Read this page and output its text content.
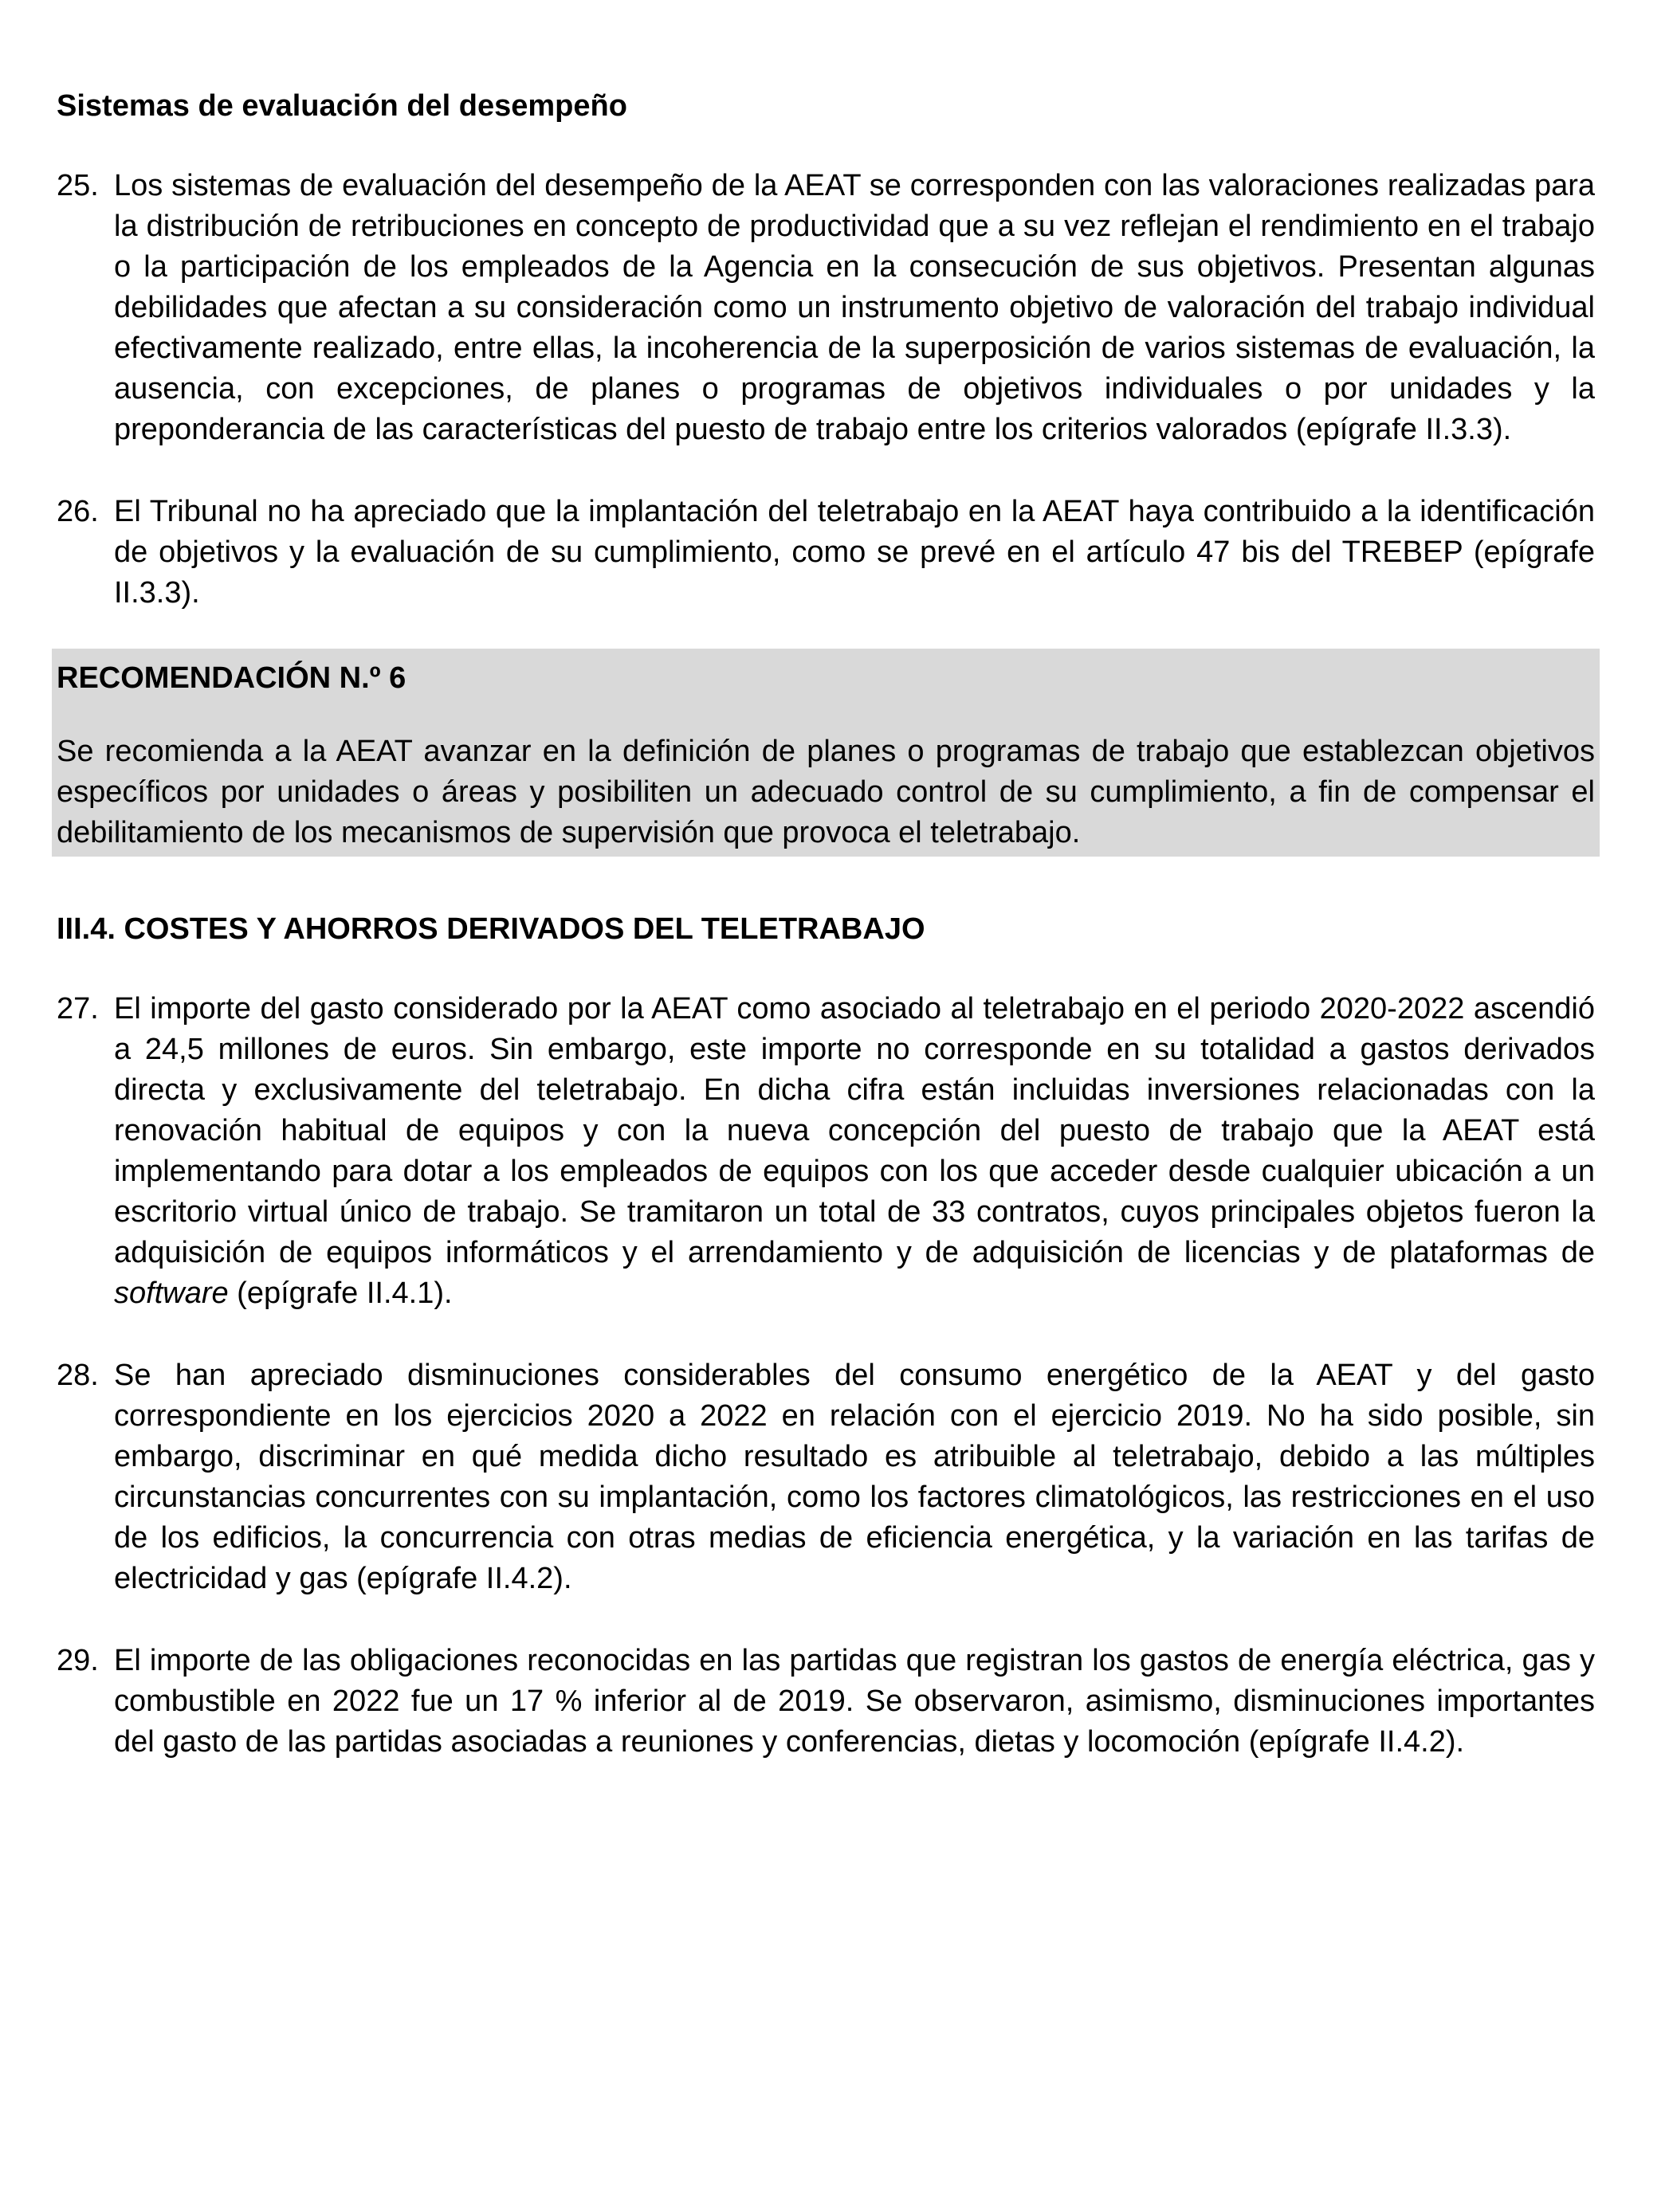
Sistemas de evaluación del desempeño
25. Los sistemas de evaluación del desempeño de la AEAT se corresponden con las valoraciones realizadas para la distribución de retribuciones en concepto de productividad que a su vez reflejan el rendimiento en el trabajo o la participación de los empleados de la Agencia en la consecución de sus objetivos. Presentan algunas debilidades que afectan a su consideración como un instrumento objetivo de valoración del trabajo individual efectivamente realizado, entre ellas, la incoherencia de la superposición de varios sistemas de evaluación, la ausencia, con excepciones, de planes o programas de objetivos individuales o por unidades y la preponderancia de las características del puesto de trabajo entre los criterios valorados (epígrafe II.3.3).
26. El Tribunal no ha apreciado que la implantación del teletrabajo en la AEAT haya contribuido a la identificación de objetivos y la evaluación de su cumplimiento, como se prevé en el artículo 47 bis del TREBEP (epígrafe II.3.3).
RECOMENDACIÓN N.º 6
Se recomienda a la AEAT avanzar en la definición de planes o programas de trabajo que establezcan objetivos específicos por unidades o áreas y posibiliten un adecuado control de su cumplimiento, a fin de compensar el debilitamiento de los mecanismos de supervisión que provoca el teletrabajo.
III.4. COSTES Y AHORROS DERIVADOS DEL TELETRABAJO
27. El importe del gasto considerado por la AEAT como asociado al teletrabajo en el periodo 2020-2022 ascendió a 24,5 millones de euros. Sin embargo, este importe no corresponde en su totalidad a gastos derivados directa y exclusivamente del teletrabajo. En dicha cifra están incluidas inversiones relacionadas con la renovación habitual de equipos y con la nueva concepción del puesto de trabajo que la AEAT está implementando para dotar a los empleados de equipos con los que acceder desde cualquier ubicación a un escritorio virtual único de trabajo. Se tramitaron un total de 33 contratos, cuyos principales objetos fueron la adquisición de equipos informáticos y el arrendamiento y de adquisición de licencias y de plataformas de software (epígrafe II.4.1).
28. Se han apreciado disminuciones considerables del consumo energético de la AEAT y del gasto correspondiente en los ejercicios 2020 a 2022 en relación con el ejercicio 2019. No ha sido posible, sin embargo, discriminar en qué medida dicho resultado es atribuible al teletrabajo, debido a las múltiples circunstancias concurrentes con su implantación, como los factores climatológicos, las restricciones en el uso de los edificios, la concurrencia con otras medias de eficiencia energética, y la variación en las tarifas de electricidad y gas (epígrafe II.4.2).
29. El importe de las obligaciones reconocidas en las partidas que registran los gastos de energía eléctrica, gas y combustible en 2022 fue un 17 % inferior al de 2019. Se observaron, asimismo, disminuciones importantes del gasto de las partidas asociadas a reuniones y conferencias, dietas y locomoción (epígrafe II.4.2).
